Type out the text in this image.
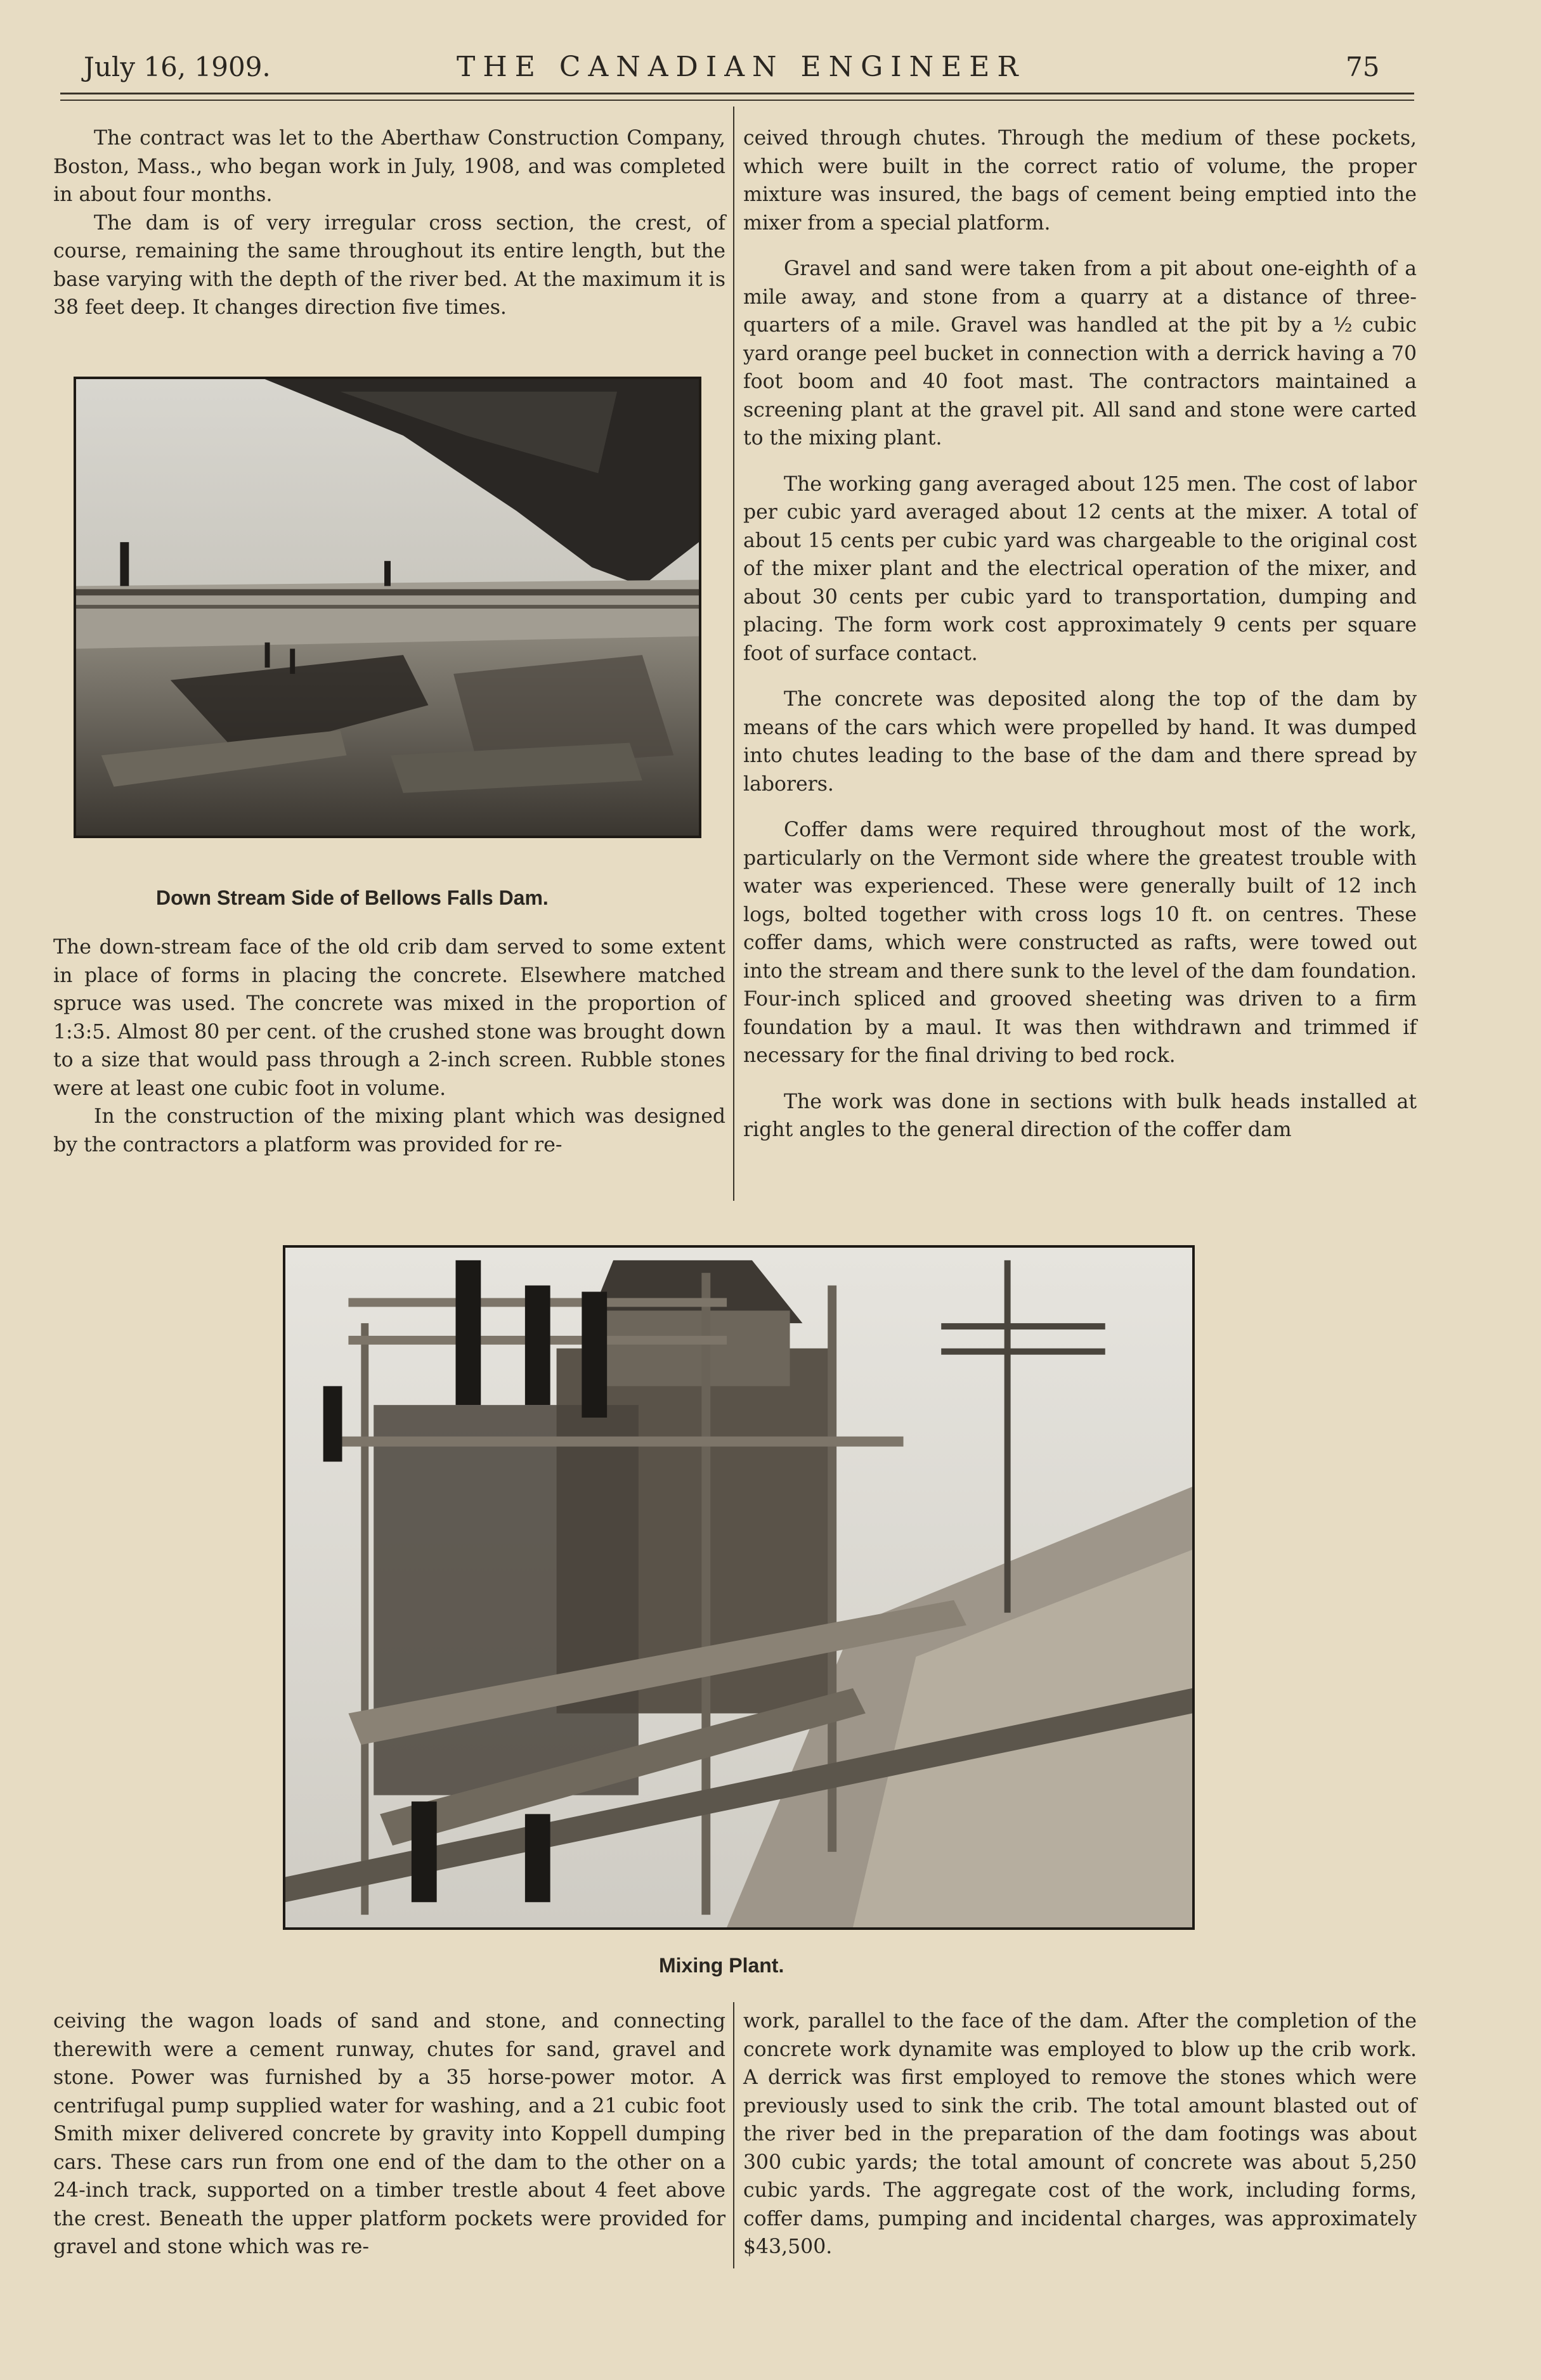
July 16, 1909.	THE CANADIAN ENGINEER	75

The contract was let to the Aberthaw Construction Company, Boston, Mass., who began work in July, 1908, and was completed in about four months.

The dam is of very irregular cross section, the crest, of course, remaining the same throughout its entire length, but the base varying with the depth of the river bed. At the maximum it is 38 feet deep. It changes direction five times.

Down Stream Side of Bellows Falls Dam.

The down-stream face of the old crib dam served to some extent in place of forms in placing the concrete. Elsewhere matched spruce was used. The concrete was mixed in the proportion of 1:3:5. Almost 80 per cent. of the crushed stone was brought down to a size that would pass through a 2-inch screen. Rubble stones were at least one cubic foot in volume.

In the construction of the mixing plant which was designed by the contractors a platform was provided for re-

ceived through chutes. Through the medium of these pockets, which were built in the correct ratio of volume, the proper mixture was insured, the bags of cement being emptied into the mixer from a special platform.

Gravel and sand were taken from a pit about one-eighth of a mile away, and stone from a quarry at a distance of three-quarters of a mile. Gravel was handled at the pit by a ½ cubic yard orange peel bucket in connection with a derrick having a 70 foot boom and 40 foot mast. The contractors maintained a screening plant at the gravel pit. All sand and stone were carted to the mixing plant.

The working gang averaged about 125 men. The cost of labor per cubic yard averaged about 12 cents at the mixer. A total of about 15 cents per cubic yard was chargeable to the original cost of the mixer plant and the electrical operation of the mixer, and about 30 cents per cubic yard to transportation, dumping and placing. The form work cost approximately 9 cents per square foot of surface contact.

The concrete was deposited along the top of the dam by means of the cars which were propelled by hand. It was dumped into chutes leading to the base of the dam and there spread by laborers.

Coffer dams were required throughout most of the work, particularly on the Vermont side where the greatest trouble with water was experienced. These were generally built of 12 inch logs, bolted together with cross logs 10 ft. on centres. These coffer dams, which were constructed as rafts, were towed out into the stream and there sunk to the level of the dam foundation. Four-inch spliced and grooved sheeting was driven to a firm foundation by a maul. It was then withdrawn and trimmed if necessary for the final driving to bed rock.

The work was done in sections with bulk heads installed at right angles to the general direction of the coffer dam

Mixing Plant.

ceiving the wagon loads of sand and stone, and connecting therewith were a cement runway, chutes for sand, gravel and stone. Power was furnished by a 35 horse-power motor. A centrifugal pump supplied water for washing, and a 21 cubic foot Smith mixer delivered concrete by gravity into Koppell dumping cars. These cars run from one end of the dam to the other on a 24-inch track, supported on a timber trestle about 4 feet above the crest. Beneath the upper platform pockets were provided for gravel and stone which was re-

work, parallel to the face of the dam. After the completion of the concrete work dynamite was employed to blow up the crib work. A derrick was first employed to remove the stones which were previously used to sink the crib. The total amount blasted out of the river bed in the preparation of the dam footings was about 300 cubic yards; the total amount of concrete was about 5,250 cubic yards. The aggregate cost of the work, including forms, coffer dams, pumping and incidental charges, was approximately $43,500.
